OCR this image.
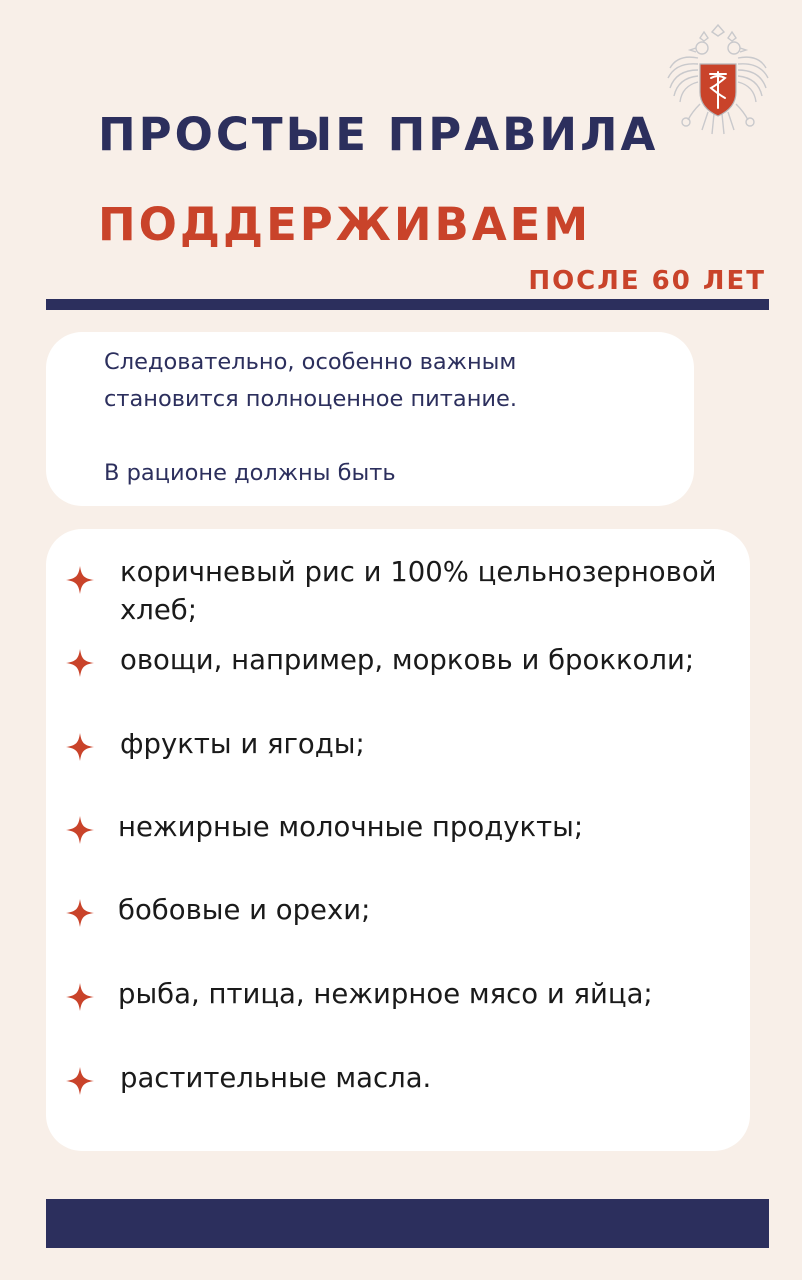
ПРОСТЫЕ ПРАВИЛА
ПОДДЕРЖИВАЕМ
ПОСЛЕ 60 ЛЕТ
Следовательно, особенно важным
становится полноценное питание.
В рационе должны быть
коричневый рис и 100% цельнозерновой хлеб;
овощи, например, морковь и брокколи;
фрукты и ягоды;
нежирные молочные продукты;
бобовые и орехи;
рыба, птица, нежирное мясо и яйца;
растительные масла.
